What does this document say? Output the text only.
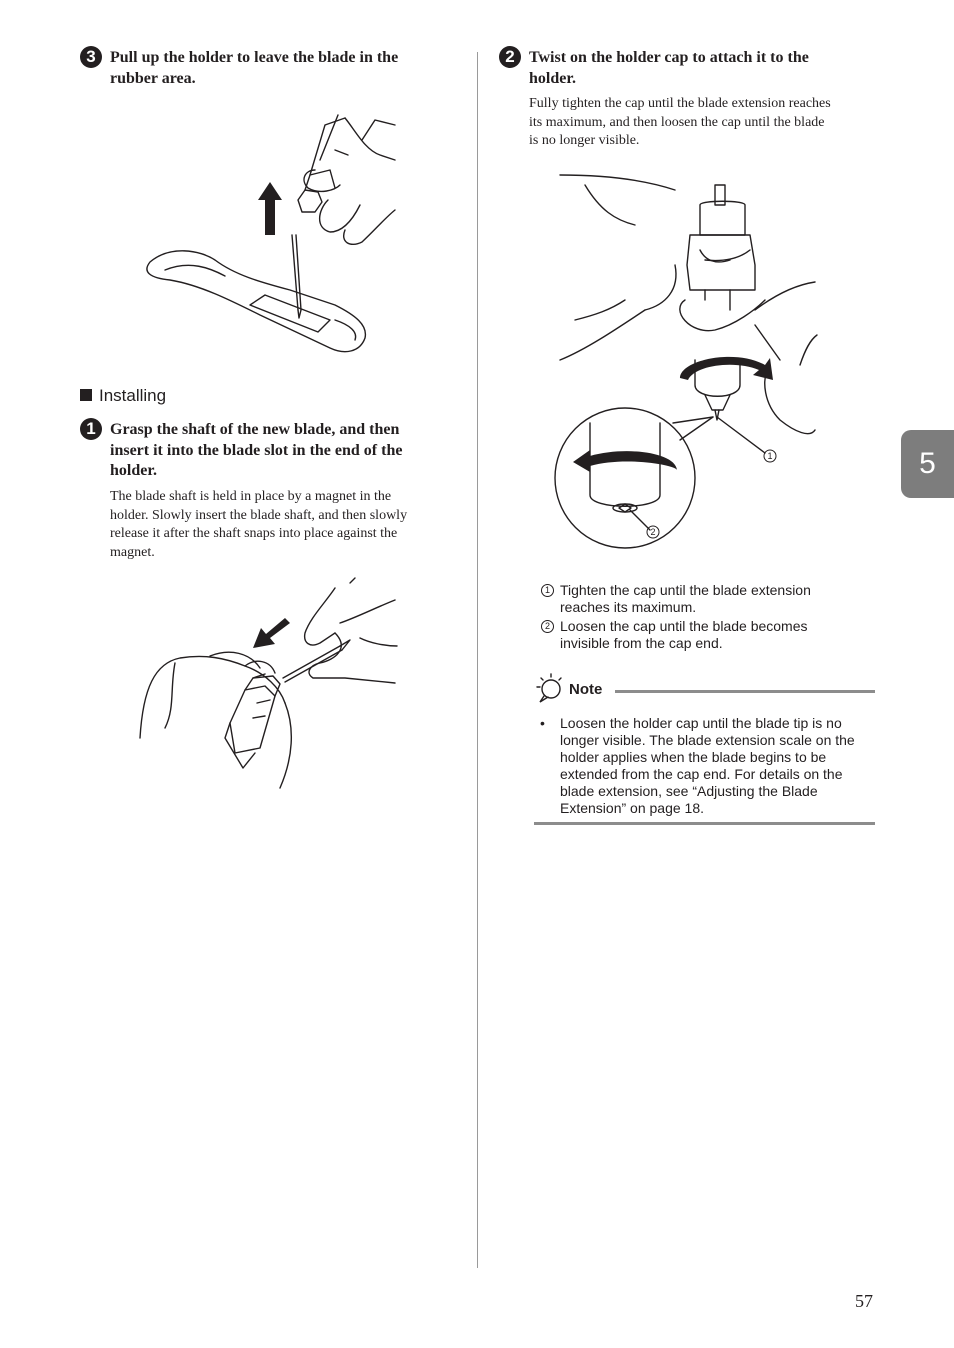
5
3 Pull up the holder to leave the blade in the
rubber area.
Installing
1 Grasp the shaft of the new blade, and then
insert it into the blade slot in the end of the
holder.
The blade shaft is held in place by a magnet in the
holder. Slowly insert the blade shaft, and then slowly
release it after the shaft snaps into place against the
magnet.
2 Twist on the holder cap to attach it to the
holder.
Fully tighten the cap until the blade extension reaches
its maximum, and then loosen the cap until the blade
is no longer visible.
1
2
1 Tighten the cap until the blade extension
reaches its maximum.
2 Loosen the cap until the blade becomes
invisible from the cap end.
Note
• Loosen the holder cap until the blade tip is no
longer visible. The blade extension scale on the
holder applies when the blade begins to be
extended from the cap end. For details on the
blade extension, see “Adjusting the Blade
Extension” on page 18.
57
